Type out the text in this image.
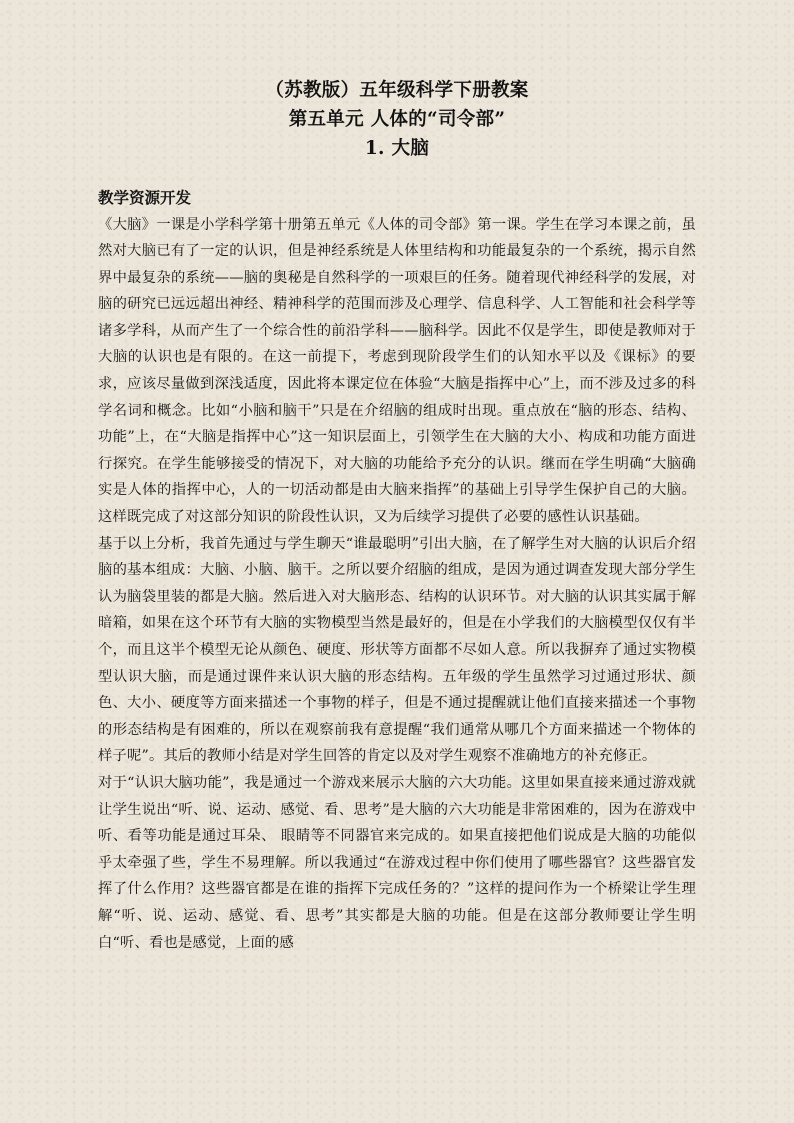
（苏教版）五年级科学下册教案
第五单元 人体的“司令部”
1. 大脑
教学资源开发

《大脑》一课是小学科学第十册第五单元《人体的司令部》第一课。学生在学习本课之前，虽然对大脑已有了一定的认识，但是神经系统是人体里结构和功能最复杂的一个系统，揭示自然界中最复杂的系统——脑的奥秘是自然科学的一项艰巨的任务。随着现代神经科学的发展，对脑的研究已远远超出神经、精神科学的范围而涉及心理学、信息科学、人工智能和社会科学等诸多学科，从而产生了一个综合性的前沿学科——脑科学。因此不仅是学生，即使是教师对于大脑的认识也是有限的。在这一前提下，考虑到现阶段学生们的认知水平以及《课标》的要求，应该尽量做到深浅适度，因此将本课定位在体验“大脑是指挥中心”上，而不涉及过多的科学名词和概念。比如“小脑和脑干”只是在介绍脑的组成时出现。重点放在“脑的形态、结构、功能”上，在“大脑是指挥中心”这一知识层面上，引领学生在大脑的大小、构成和功能方面进行探究。在学生能够接受的情况下，对大脑的功能给予充分的认识。继而在学生明确“大脑确实是人体的指挥中心，人的一切活动都是由大脑来指挥”的基础上引导学生保护自己的大脑。这样既完成了对这部分知识的阶段性认识，又为后续学习提供了必要的感性认识基础。

基于以上分析，我首先通过与学生聊天“谁最聪明”引出大脑，在了解学生对大脑的认识后介绍脑的基本组成：大脑、小脑、脑干。之所以要介绍脑的组成，是因为通过调查发现大部分学生认为脑袋里装的都是大脑。然后进入对大脑形态、结构的认识环节。对大脑的认识其实属于解暗箱，如果在这个环节有大脑的实物模型当然是最好的，但是在小学我们的大脑模型仅仅有半个，而且这半个模型无论从颜色、硬度、形状等方面都不尽如人意。所以我摒弃了通过实物模型认识大脑，而是通过课件来认识大脑的形态结构。五年级的学生虽然学习过通过形状、颜色、大小、硬度等方面来描述一个事物的样子，但是不通过提醒就让他们直接来描述一个事物的形态结构是有困难的，所以在观察前我有意提醒“我们通常从哪几个方面来描述一个物体的样子呢”。其后的教师小结是对学生回答的肯定以及对学生观察不准确地方的补充修正。

对于“认识大脑功能”，我是通过一个游戏来展示大脑的六大功能。这里如果直接来通过游戏就让学生说出“听、说、运动、感觉、看、思考”是大脑的六大功能是非常困难的，因为在游戏中听、看等功能是通过耳朵、 眼睛等不同器官来完成的。如果直接把他们说成是大脑的功能似乎太牵强了些，学生不易理解。所以我通过“在游戏过程中你们使用了哪些器官？这些器官发挥了什么作用？这些器官都是在谁的指挥下完成任务的？”这样的提问作为一个桥梁让学生理解“听、说、运动、感觉、看、思考”其实都是大脑的功能。但是在这部分教师要让学生明白“听、看也是感觉，上面的感
